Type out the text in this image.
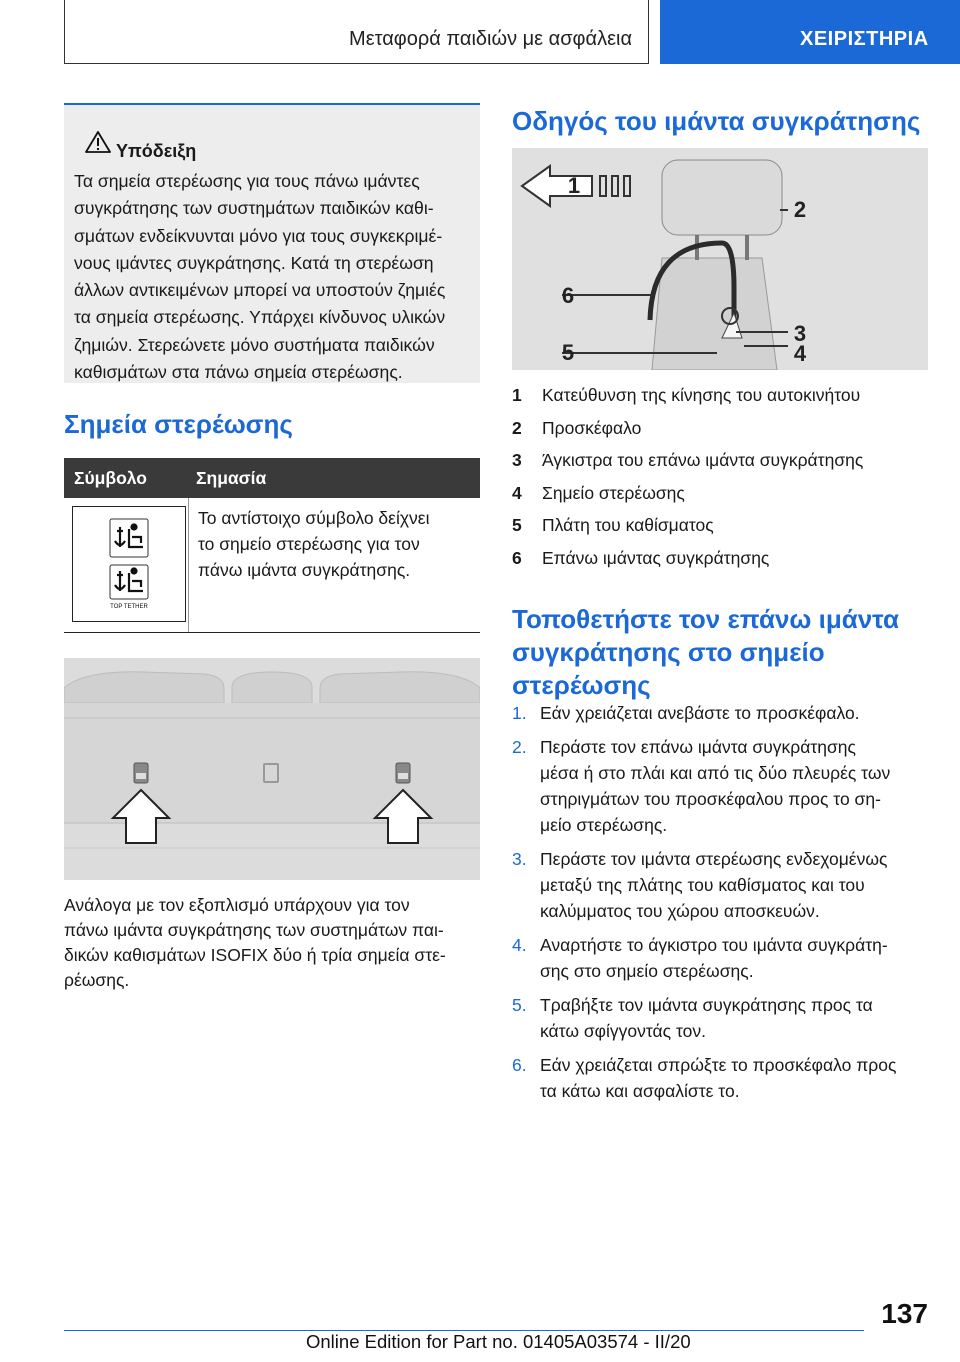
Μεταφορά παιδιών με ασφάλεια	ΧΕΙΡΙΣΤΗΡΙΑ
Υπόδειξη
Τα σημεία στερέωσης για τους πάνω ιμάντες
συγκράτησης των συστημάτων παιδικών καθι-
σμάτων ενδείκνυνται μόνο για τους συγκεκριμέ-
νους ιμάντες συγκράτησης. Κατά τη στερέωση
άλλων αντικειμένων μπορεί να υποστούν ζημιές
τα σημεία στερέωσης. Υπάρχει κίνδυνος υλικών
ζημιών. Στερεώνετε μόνο συστήματα παιδικών
καθισμάτων στα πάνω σημεία στερέωσης.
Σημεία στερέωσης
Σύμβολο	Σημασία
TOP TETHER
Το αντίστοιχο σύμβολο δείχνει
το σημείο στερέωσης για τον
πάνω ιμάντα συγκράτησης.
Ανάλογα με τον εξοπλισμό υπάρχουν για τον
πάνω ιμάντα συγκράτησης των συστημάτων παι-
δικών καθισμάτων ISOFIX δύο ή τρία σημεία στε-
ρέωσης.
Οδηγός του ιμάντα συγκράτησης
1
2
3
4
5
6
1 Κατεύθυνση της κίνησης του αυτοκινήτου
2 Προσκέφαλο
3 Άγκιστρα του επάνω ιμάντα συγκράτησης
4 Σημείο στερέωσης
5 Πλάτη του καθίσματος
6 Επάνω ιμάντας συγκράτησης
Τοποθετήστε τον επάνω ιμάντα
συγκράτησης στο σημείο
στερέωσης
1. Εάν χρειάζεται ανεβάστε το προσκέφαλο.
2. Περάστε τον επάνω ιμάντα συγκράτησης
μέσα ή στο πλάι και από τις δύο πλευρές των
στηριγμάτων του προσκέφαλου προς το ση-
μείο στερέωσης.
3. Περάστε τον ιμάντα στερέωσης ενδεχομένως
μεταξύ της πλάτης του καθίσματος και του
καλύμματος του χώρου αποσκευών.
4. Αναρτήστε το άγκιστρο του ιμάντα συγκράτη-
σης στο σημείο στερέωσης.
5. Τραβήξτε τον ιμάντα συγκράτησης προς τα
κάτω σφίγγοντάς τον.
6. Εάν χρειάζεται σπρώξτε το προσκέφαλο προς
τα κάτω και ασφαλίστε το.
137
Online Edition for Part no. 01405A03574 - II/20
